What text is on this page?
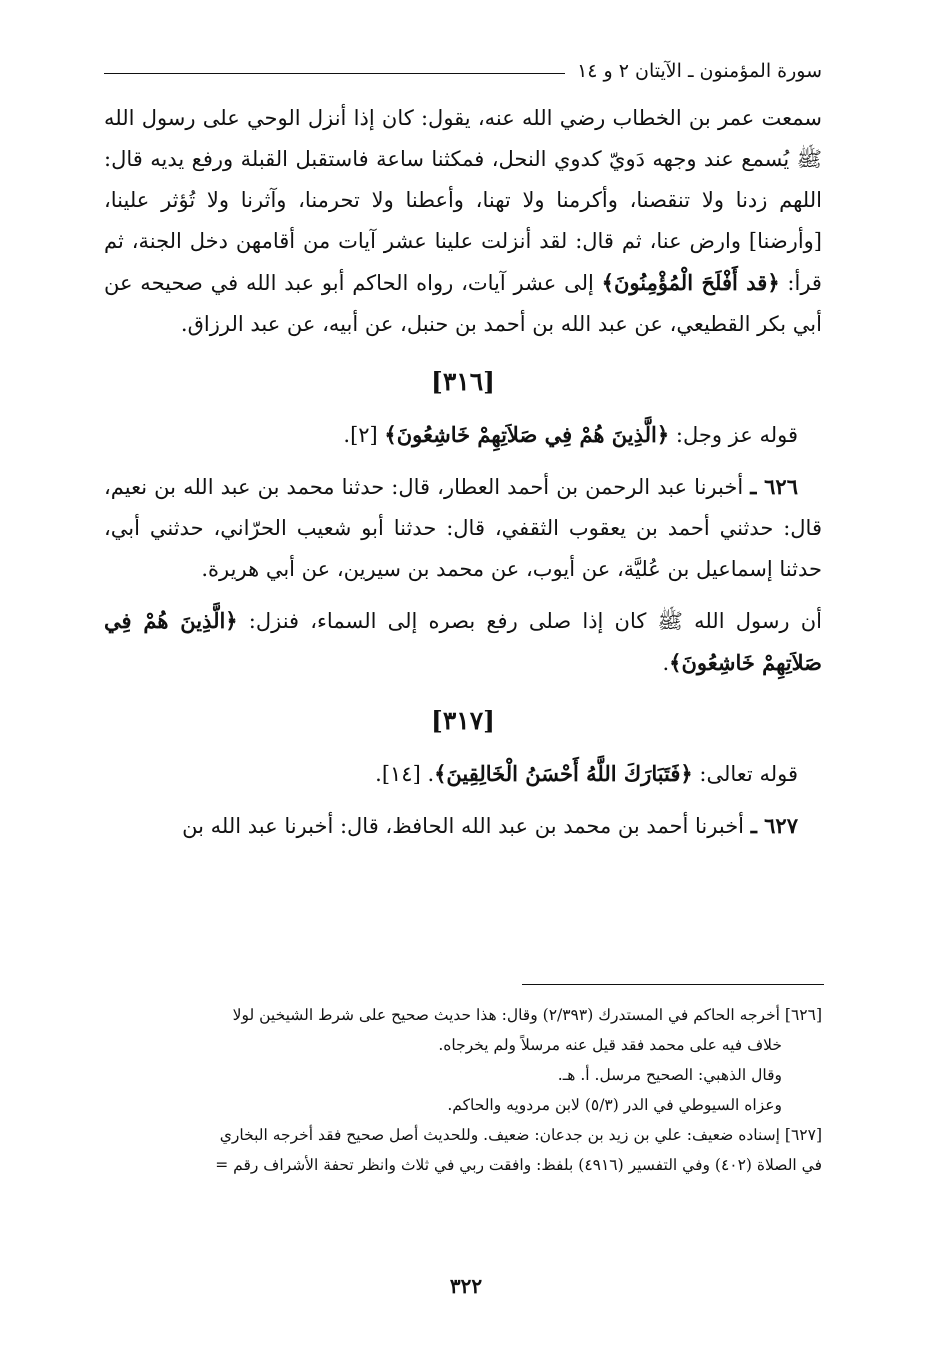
سورة المؤمنون ـ الآيتان ٢ و ١٤

سمعت عمر بن الخطاب رضي الله عنه، يقول: كان إذا أنزل الوحي على رسول الله ﷺ يُسمع عند وجهه دَويّ كدوي النحل، فمكثنا ساعة فاستقبل القبلة ورفع يديه قال: اللهم زدنا ولا تنقصنا، وأكرمنا ولا تهنا، وأعطنا ولا تحرمنا، وآثرنا ولا تُؤثر علينا، [وأرضنا] وارض عنا، ثم قال: لقد أنزلت علينا عشر آيات من أقامهن دخل الجنة، ثم قرأ: ﴿قد أَفْلَحَ الْمُؤْمِنُونَ﴾ إلى عشر آيات، رواه الحاكم أبو عبد الله في صحيحه عن أبي بكر القطيعي، عن عبد الله بن أحمد بن حنبل، عن أبيه، عن عبد الرزاق.

[٣١٦]

قوله عز وجل: ﴿الَّذِينَ هُمْ فِي صَلاَتِهِمْ خَاشِعُونَ﴾ [٢].

٦٢٦ ـ أخبرنا عبد الرحمن بن أحمد العطار، قال: حدثنا محمد بن عبد الله بن نعيم، قال: حدثني أحمد بن يعقوب الثقفي، قال: حدثنا أبو شعيب الحرّاني، حدثني أبي، حدثنا إسماعيل بن عُليَّة، عن أيوب، عن محمد بن سيرين، عن أبي هريرة.

أن رسول الله ﷺ كان إذا صلى رفع بصره إلى السماء، فنزل: ﴿الَّذِينَ هُمْ فِي صَلاَتِهِمْ خَاشِعُونَ﴾.

[٣١٧]

قوله تعالى: ﴿فَتَبَارَكَ اللَّهُ أَحْسَنُ الْخَالِقِينَ﴾. [١٤].

٦٢٧ ـ أخبرنا أحمد بن محمد بن عبد الله الحافظ، قال: أخبرنا عبد الله بن

[٦٢٦] أخرجه الحاكم في المستدرك (٢/٣٩٣) وقال: هذا حديث صحيح على شرط الشيخين لولا

خلاف فيه على محمد فقد قيل عنه مرسلاً ولم يخرجاه.

وقال الذهبي: الصحيح مرسل. أ. هـ.

وعزاه السيوطي في الدر (٥/٣) لابن مردويه والحاكم.

[٦٢٧] إسناده ضعيف: علي بن زيد بن جدعان: ضعيف. وللحديث أصل صحيح فقد أخرجه البخاري

في الصلاة (٤٠٢) وفي التفسير (٤٩١٦) بلفظ: وافقت ربي في ثلاث وانظر تحفة الأشراف رقم =

٣٢٢
